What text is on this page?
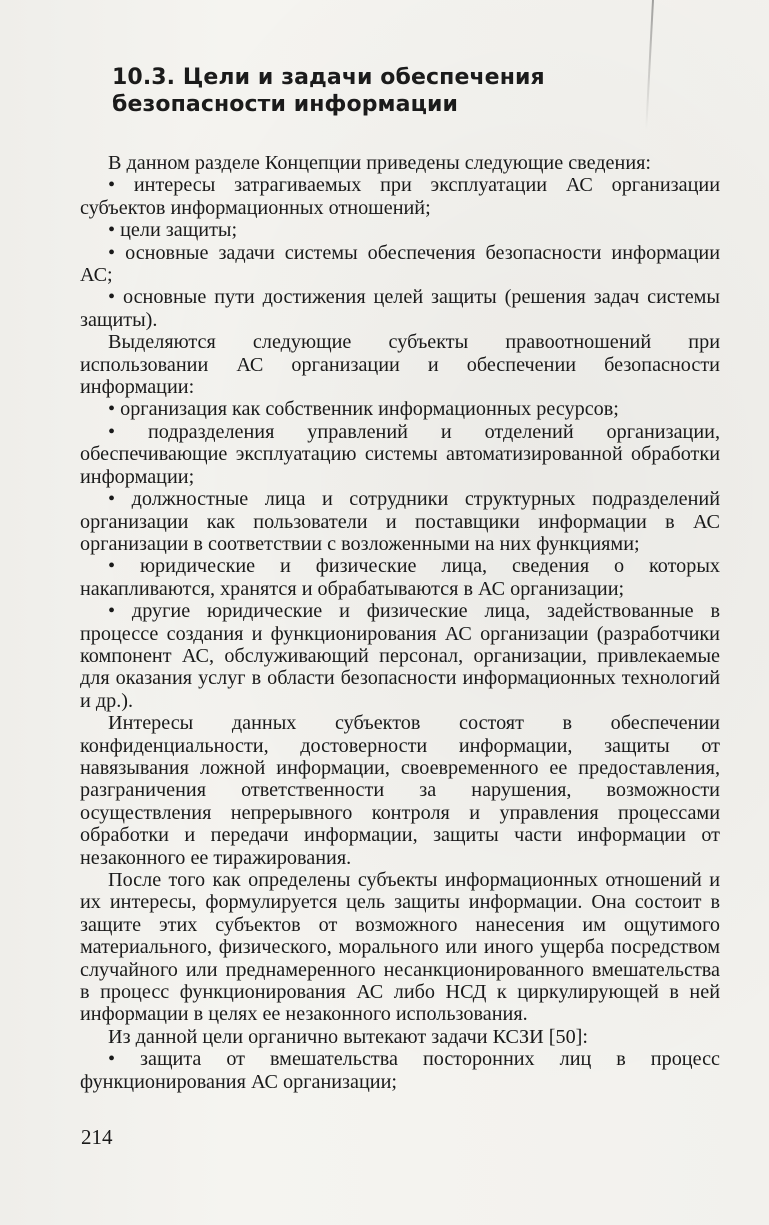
10.3. Цели и задачи обеспечения
безопасности информации

В данном разделе Концепции приведены следующие сведения:

• интересы затрагиваемых при эксплуатации АС организации субъектов информационных отношений;

• цели защиты;

• основные задачи системы обеспечения безопасности информации АС;

• основные пути достижения целей защиты (решения задач системы защиты).

Выделяются следующие субъекты правоотношений при использовании АС организации и обеспечении безопасности информации:

• организация как собственник информационных ресурсов;

• подразделения управлений и отделений организации, обеспечивающие эксплуатацию системы автоматизированной обработки информации;

• должностные лица и сотрудники структурных подразделений организации как пользователи и поставщики информации в АС организации в соответствии с возложенными на них функциями;

• юридические и физические лица, сведения о которых накапливаются, хранятся и обрабатываются в АС организации;

• другие юридические и физические лица, задействованные в процессе создания и функционирования АС организации (разработчики компонент АС, обслуживающий персонал, организации, привлекаемые для оказания услуг в области безопасности информационных технологий и др.).

Интересы данных субъектов состоят в обеспечении конфиденциальности, достоверности информации, защиты от навязывания ложной информации, своевременного ее предоставления, разграничения ответственности за нарушения, возможности осуществления непрерывного контроля и управления процессами обработки и передачи информации, защиты части информации от незаконного ее тиражирования.

После того как определены субъекты информационных отношений и их интересы, формулируется цель защиты информации. Она состоит в защите этих субъектов от возможного нанесения им ощутимого материального, физического, морального или иного ущерба посредством случайного или преднамеренного несанкционированного вмешательства в процесс функционирования АС либо НСД к циркулирующей в ней информации в целях ее незаконного использования.

Из данной цели органично вытекают задачи КСЗИ [50]:

• защита от вмешательства посторонних лиц в процесс функционирования АС организации;

214
